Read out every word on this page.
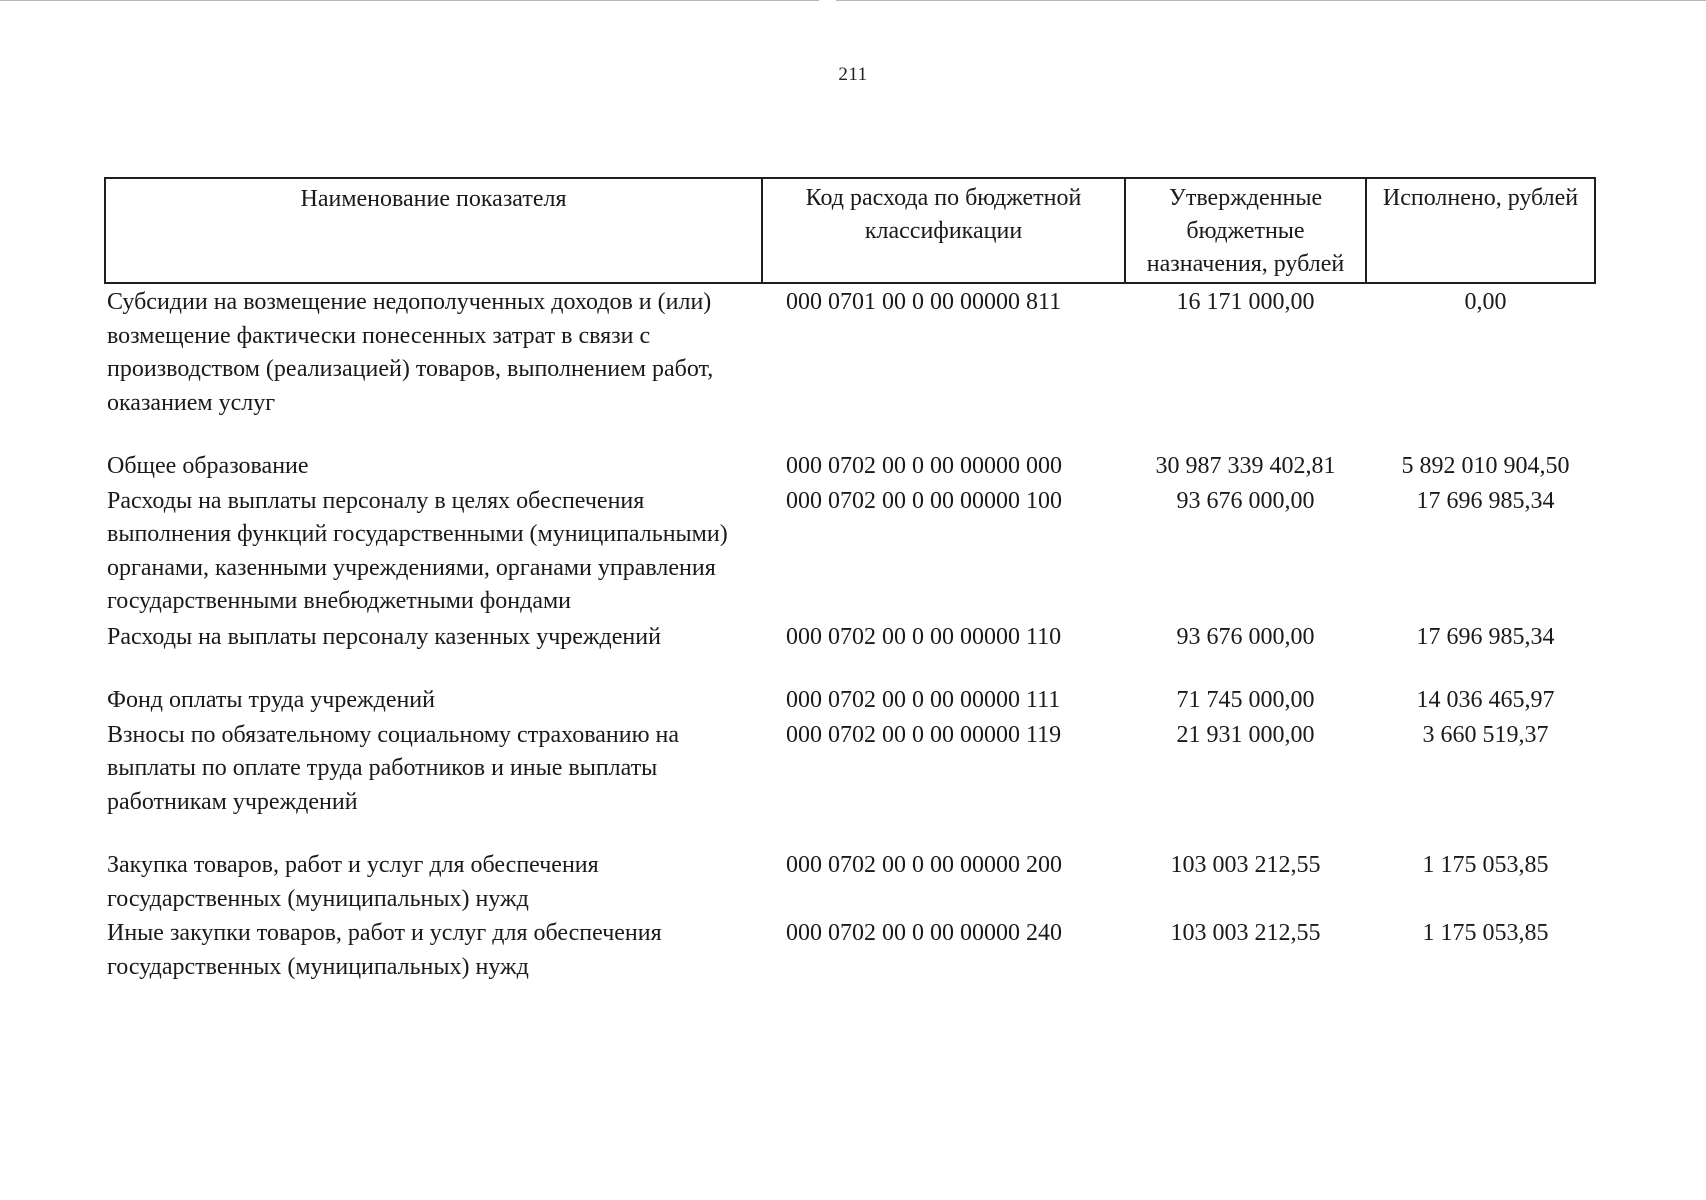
211
Наименование показателя	Код расхода по бюджетной классификации	Утвержденные бюджетные назначения, рублей	Исполнено, рублей
Субсидии на возмещение недополученных доходов и (или) возмещение фактически понесенных затрат в связи с производством (реализацией) товаров, выполнением работ, оказанием услуг	000 0701 00 0 00 00000 811	16 171 000,00	0,00
Общее образование	000 0702 00 0 00 00000 000	30 987 339 402,81	5 892 010 904,50
Расходы на выплаты персоналу в целях обеспечения выполнения функций государственными (муниципальными) органами, казенными учреждениями, органами управления государственными внебюджетными фондами	000 0702 00 0 00 00000 100	93 676 000,00	17 696 985,34
Расходы на выплаты персоналу казенных учреждений	000 0702 00 0 00 00000 110	93 676 000,00	17 696 985,34
Фонд оплаты труда учреждений	000 0702 00 0 00 00000 111	71 745 000,00	14 036 465,97
Взносы по обязательному социальному страхованию на выплаты по оплате труда работников и иные выплаты работникам учреждений	000 0702 00 0 00 00000 119	21 931 000,00	3 660 519,37
Закупка товаров, работ и услуг для обеспечения государственных (муниципальных) нужд	000 0702 00 0 00 00000 200	103 003 212,55	1 175 053,85
Иные закупки товаров, работ и услуг для обеспечения государственных (муниципальных) нужд	000 0702 00 0 00 00000 240	103 003 212,55	1 175 053,85
